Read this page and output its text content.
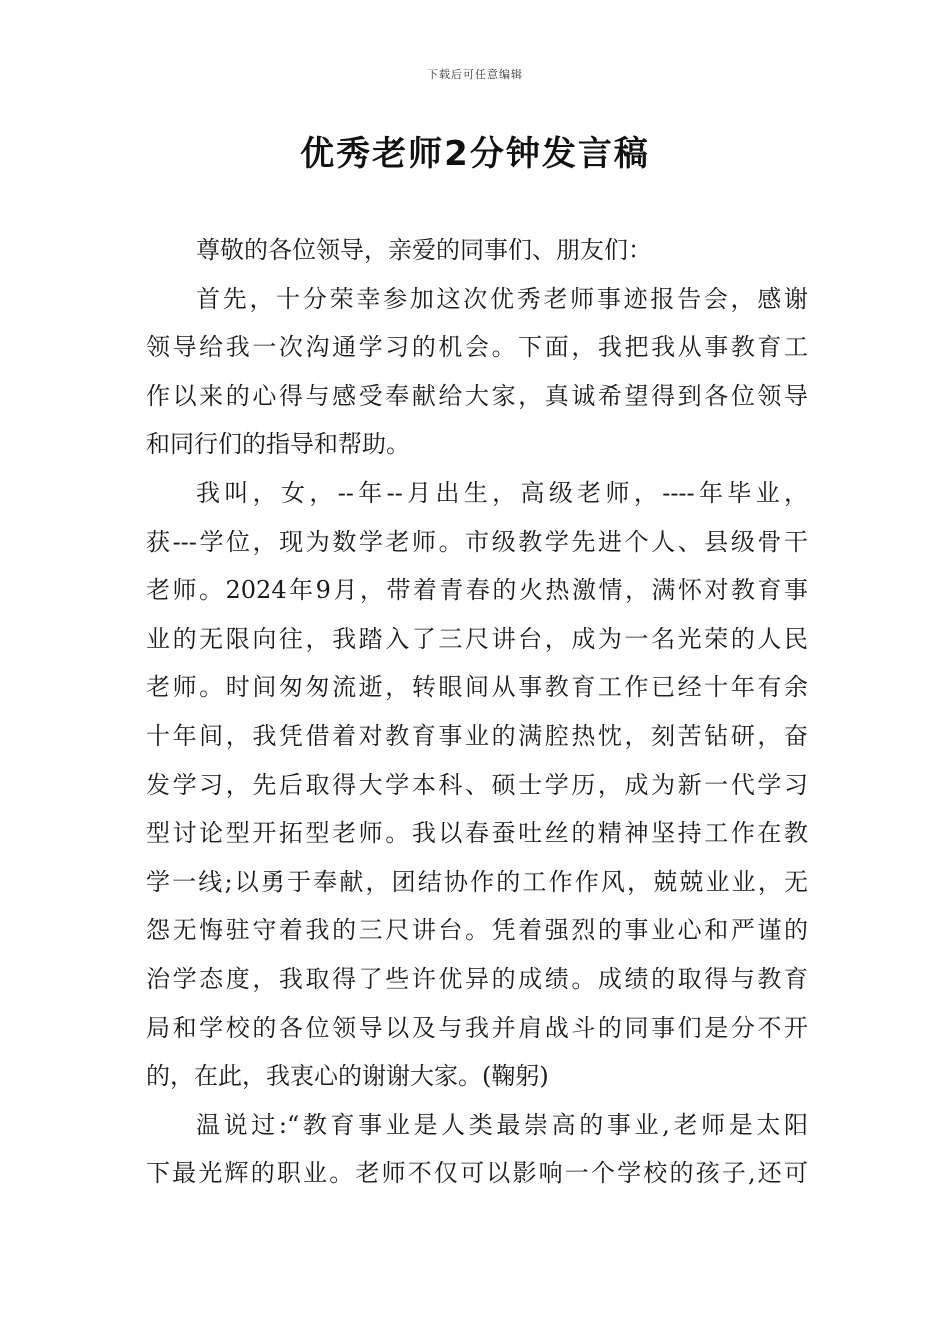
下载后可任意编辑
优秀老师2分钟发言稿
尊敬的各位领导，亲爱的同事们、朋友们：
首先，十分荣幸参加这次优秀老师事迹报告会，感谢
领导给我一次沟通学习的机会。下面，我把我从事教育工
作以来的心得与感受奉献给大家，真诚希望得到各位领导
和同行们的指导和帮助。
我叫，女，--年--月出生，高级老师，----年毕业，
获---学位，现为数学老师。市级教学先进个人、县级骨干
老师。2024年9月，带着青春的火热激情，满怀对教育事
业的无限向往，我踏入了三尺讲台，成为一名光荣的人民
老师。时间匆匆流逝，转眼间从事教育工作已经十年有余
十年间，我凭借着对教育事业的满腔热忱，刻苦钻研，奋
发学习，先后取得大学本科、硕士学历，成为新一代学习
型讨论型开拓型老师。我以春蚕吐丝的精神坚持工作在教
学一线;以勇于奉献，团结协作的工作作风，兢兢业业，无
怨无悔驻守着我的三尺讲台。凭着强烈的事业心和严谨的
治学态度，我取得了些许优异的成绩。成绩的取得与教育
局和学校的各位领导以及与我并肩战斗的同事们是分不开
的，在此，我衷心的谢谢大家。(鞠躬)
温说过:“教育事业是人类最崇高的事业,老师是太阳
下最光辉的职业。老师不仅可以影响一个学校的孩子,还可
